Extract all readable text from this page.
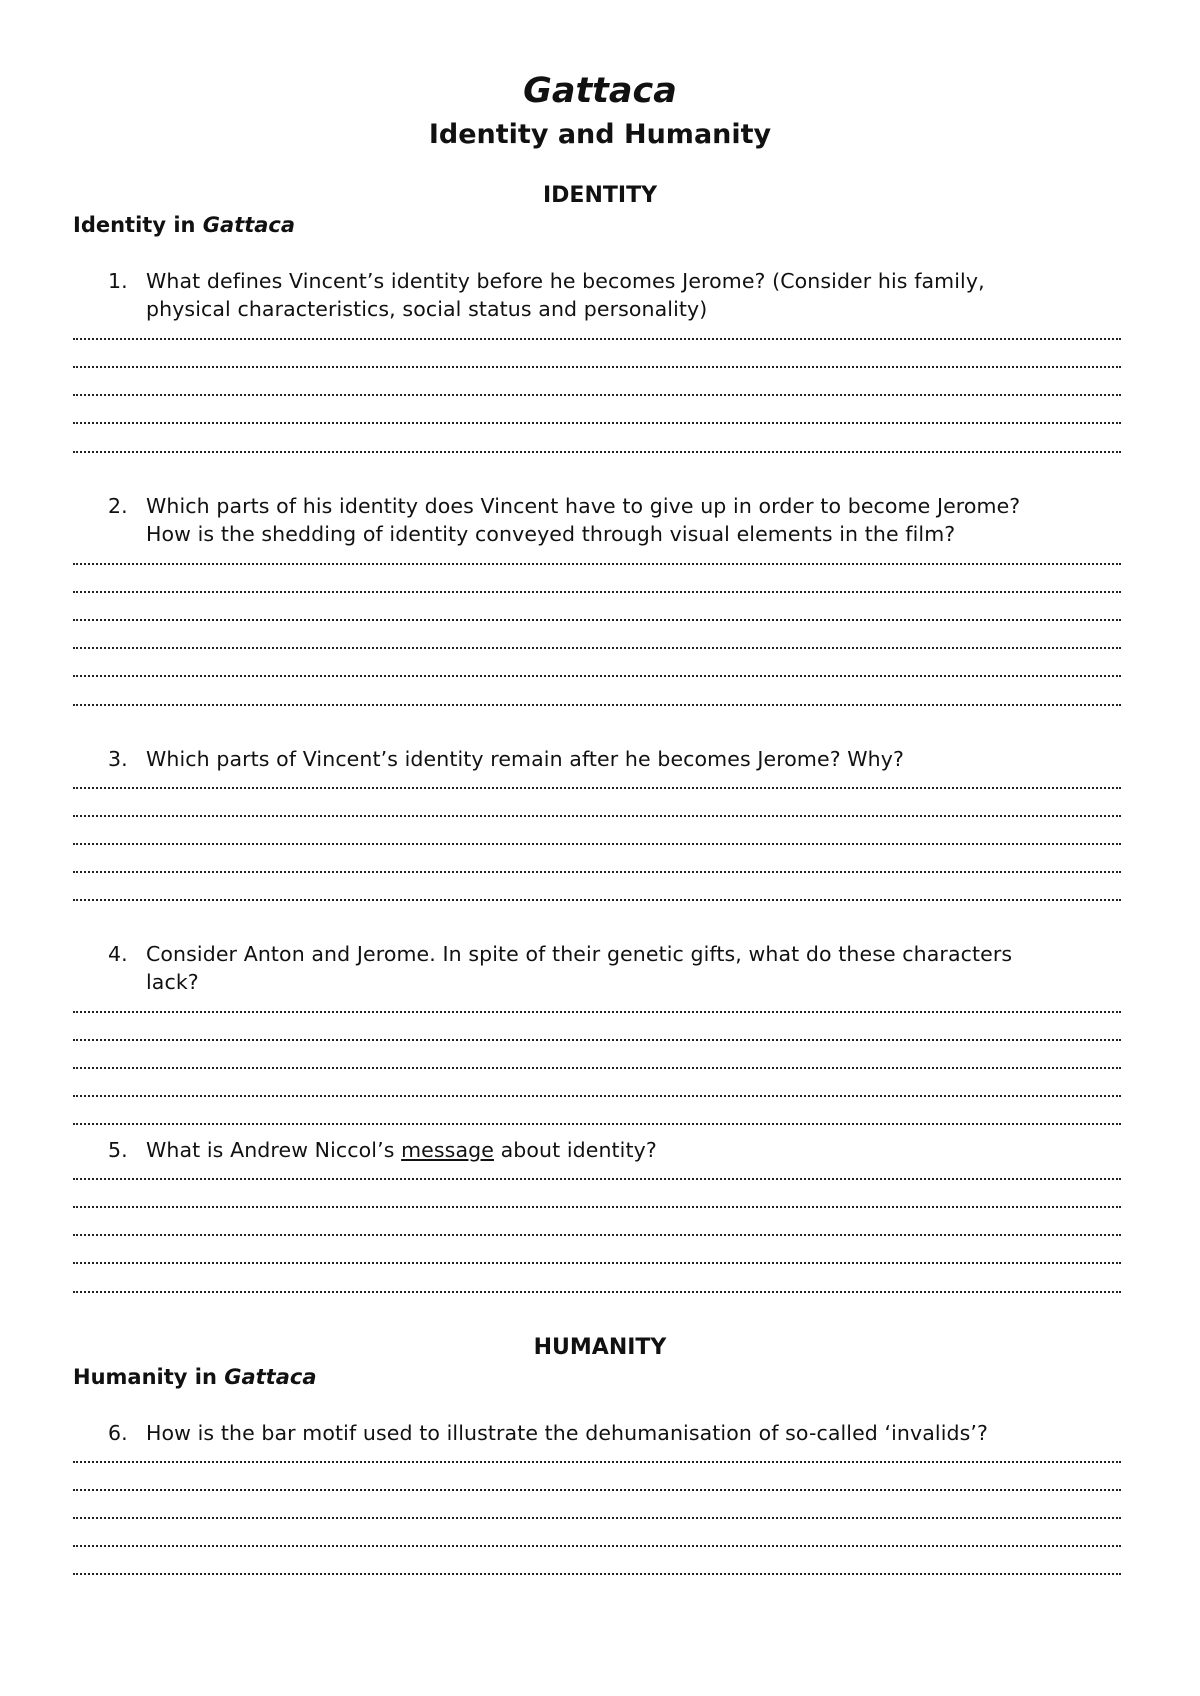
Gattaca
Identity and Humanity
IDENTITY
Identity in Gattaca
1. What defines Vincent’s identity before he becomes Jerome? (Consider his family,
physical characteristics, social status and personality)
2. Which parts of his identity does Vincent have to give up in order to become Jerome?
How is the shedding of identity conveyed through visual elements in the film?
3. Which parts of Vincent’s identity remain after he becomes Jerome? Why?
4. Consider Anton and Jerome. In spite of their genetic gifts, what do these characters
lack?
5. What is Andrew Niccol’s message about identity?
HUMANITY
Humanity in Gattaca
6. How is the bar motif used to illustrate the dehumanisation of so-called ‘invalids’?
